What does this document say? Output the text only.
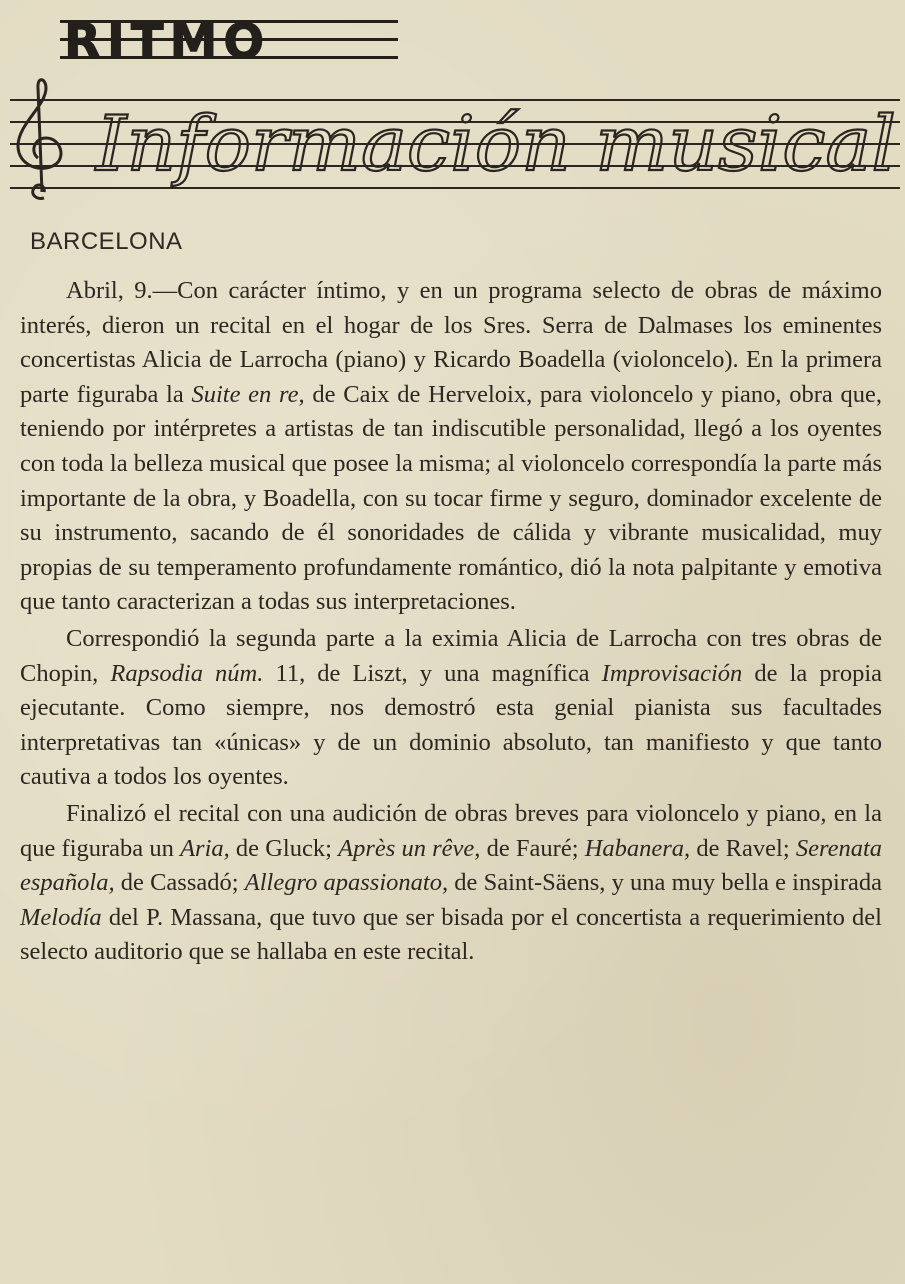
RITMO
Información musical
BARCELONA

Abril, 9.—Con carácter íntimo, y en un programa selecto de obras de máximo interés, dieron un recital en el hogar de los Sres. Serra de Dalmases los eminentes concertistas Alicia de Larrocha (piano) y Ricardo Boadella (violoncelo). En la primera parte figuraba la Suite en re, de Caix de Herveloix, para violoncelo y piano, obra que, teniendo por intérpretes a artistas de tan indiscutible personalidad, llegó a los oyentes con toda la belleza musical que posee la misma; al violoncelo correspondía la parte más importante de la obra, y Boadella, con su tocar firme y seguro, dominador excelente de su instrumento, sacando de él sonoridades de cálida y vibrante musicalidad, muy propias de su temperamento profundamente romántico, dió la nota palpitante y emotiva que tanto caracterizan a todas sus interpretaciones.

Correspondió la segunda parte a la eximia Alicia de Larrocha con tres obras de Chopin, Rapsodia núm. 11, de Liszt, y una magnífica Improvisación de la propia ejecutante. Como siempre, nos demostró esta genial pianista sus facultades interpretativas tan «únicas» y de un dominio absoluto, tan manifiesto y que tanto cautiva a todos los oyentes.

Finalizó el recital con una audición de obras breves para violoncelo y piano, en la que figuraba un Aria, de Gluck; Après un rêve, de Fauré; Habanera, de Ravel; Serenata española, de Cassadó; Allegro apassionato, de Saint-Säens, y una muy bella e inspirada Melodía del P. Massana, que tuvo que ser bisada por el concertista a requerimiento del selecto auditorio que se hallaba en este recital.
